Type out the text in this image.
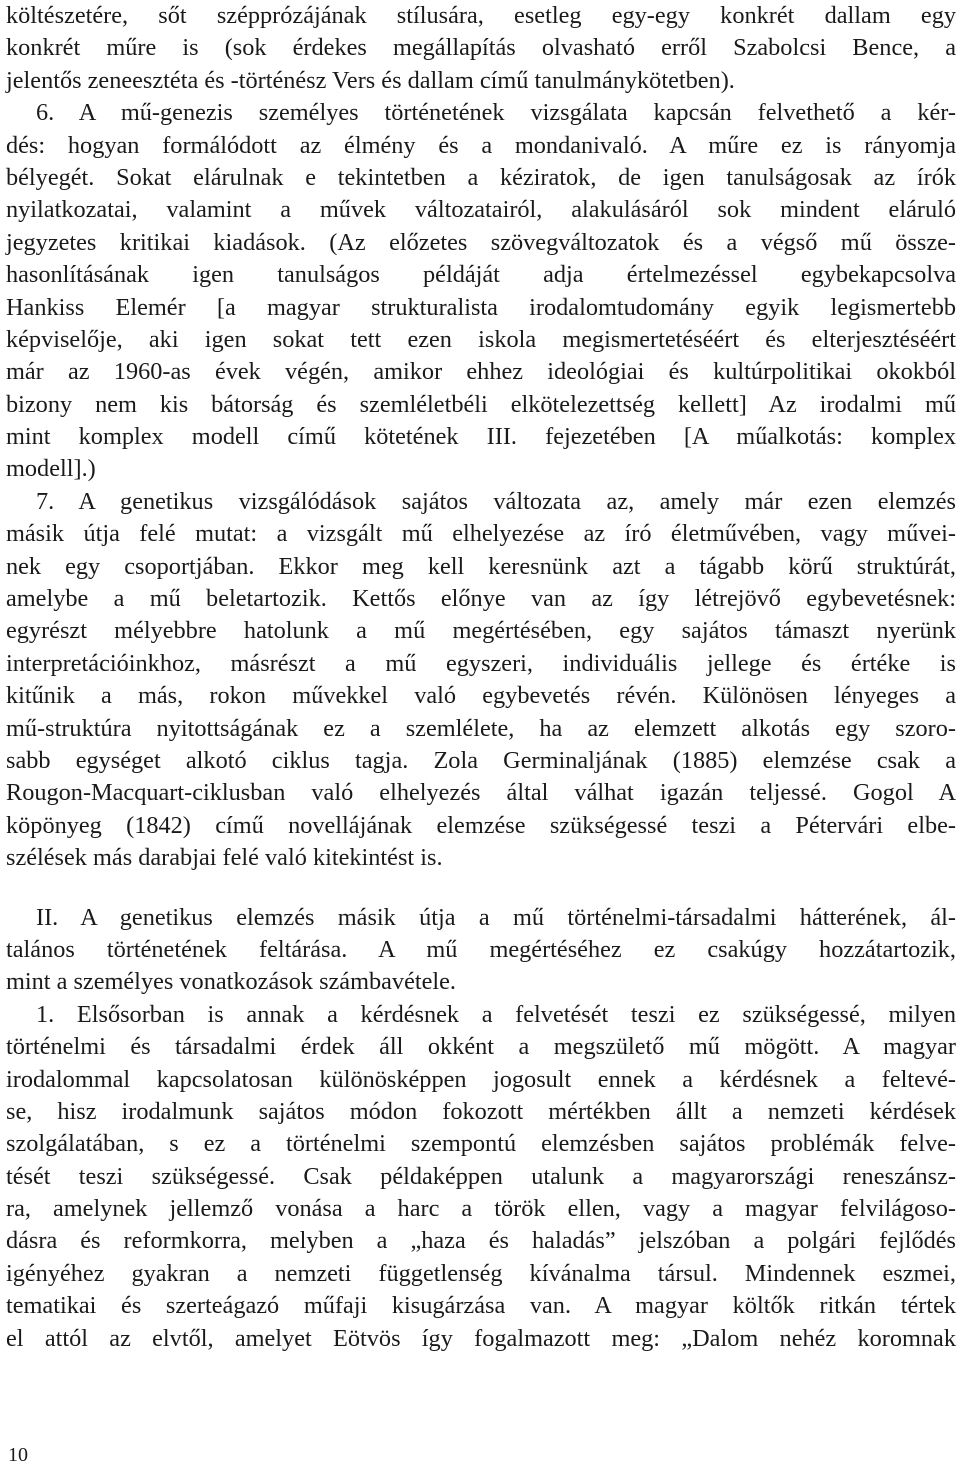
költészetére, sőt szépprózájának stílusára, esetleg egy-egy konkrét dallam egy
konkrét műre is (sok érdekes megállapítás olvasható erről Szabolcsi Bence, a
jelentős zeneesztéta és -történész Vers és dallam című tanulmánykötetben).
6. A mű-genezis személyes történetének vizsgálata kapcsán felvethető a kér-
dés: hogyan formálódott az élmény és a mondanivaló. A műre ez is rányomja
bélyegét. Sokat elárulnak e tekintetben a kéziratok, de igen tanulságosak az írók
nyilatkozatai, valamint a művek változatairól, alakulásáról sok mindent eláruló
jegyzetes kritikai kiadások. (Az előzetes szövegváltozatok és a végső mű össze-
hasonlításának igen tanulságos példáját adja értelmezéssel egybekapcsolva
Hankiss Elemér [a magyar strukturalista irodalomtudomány egyik legismertebb
képviselője, aki igen sokat tett ezen iskola megismertetéséért és elterjesztéséért
már az 1960-as évek végén, amikor ehhez ideológiai és kultúrpolitikai okokból
bizony nem kis bátorság és szemléletbéli elkötelezettség kellett] Az irodalmi mű
mint komplex modell című kötetének III. fejezetében [A műalkotás: komplex
modell].)
7. A genetikus vizsgálódások sajátos változata az, amely már ezen elemzés
másik útja felé mutat: a vizsgált mű elhelyezése az író életművében, vagy művei-
nek egy csoportjában. Ekkor meg kell keresnünk azt a tágabb körű struktúrát,
amelybe a mű beletartozik. Kettős előnye van az így létrejövő egybevetésnek:
egyrészt mélyebbre hatolunk a mű megértésében, egy sajátos támaszt nyerünk
interpretációinkhoz, másrészt a mű egyszeri, individuális jellege és értéke is
kitűnik a más, rokon művekkel való egybevetés révén. Különösen lényeges a
mű-struktúra nyitottságának ez a szemlélete, ha az elemzett alkotás egy szoro-
sabb egységet alkotó ciklus tagja. Zola Germinaljának (1885) elemzése csak a
Rougon-Macquart-ciklusban való elhelyezés által válhat igazán teljessé. Gogol A
köpönyeg (1842) című novellájának elemzése szükségessé teszi a Pétervári elbe-
szélések más darabjai felé való kitekintést is.
II. A genetikus elemzés másik útja a mű történelmi-társadalmi hátterének, ál-
talános történetének feltárása. A mű megértéséhez ez csakúgy hozzátartozik,
mint a személyes vonatkozások számbavétele.
1. Elsősorban is annak a kérdésnek a felvetését teszi ez szükségessé, milyen
történelmi és társadalmi érdek áll okként a megszülető mű mögött. A magyar
irodalommal kapcsolatosan különösképpen jogosult ennek a kérdésnek a feltevé-
se, hisz irodalmunk sajátos módon fokozott mértékben állt a nemzeti kérdések
szolgálatában, s ez a történelmi szempontú elemzésben sajátos problémák felve-
tését teszi szükségessé. Csak példaképpen utalunk a magyarországi reneszánsz-
ra, amelynek jellemző vonása a harc a török ellen, vagy a magyar felvilágoso-
dásra és reformkorra, melyben a „haza és haladás” jelszóban a polgári fejlődés
igényéhez gyakran a nemzeti függetlenség kívánalma társul. Mindennek eszmei,
tematikai és szerteágazó műfaji kisugárzása van. A magyar költők ritkán tértek
el attól az elvtől, amelyet Eötvös így fogalmazott meg: „Dalom nehéz koromnak
10
